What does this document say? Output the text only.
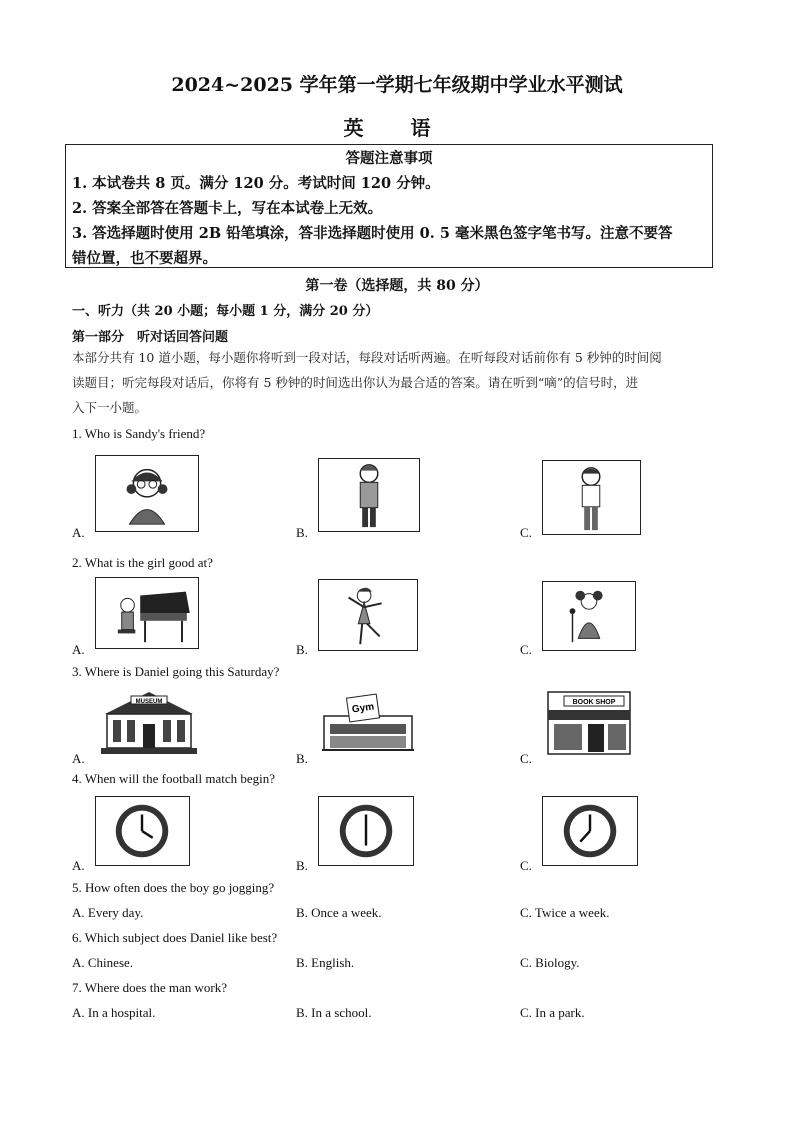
2024~2025 学年第一学期七年级期中学业水平测试
英 语
答题注意事项
1. 本试卷共 8 页。满分 120 分。考试时间 120 分钟。
2. 答案全部答在答题卡上，写在本试卷上无效。
3. 答选择题时使用 2B 铅笔填涂，答非选择题时使用 0. 5 毫米黑色签字笔书写。注意不要答
错位置，也不要超界。
第一卷（选择题，共 80 分）
一、听力（共 20 小题；每小题 1 分，满分 20 分）
第一部分　听对话回答问题
本部分共有 10 道小题，每小题你将听到一段对话，每段对话听两遍。在听每段对话前你有 5 秒钟的时间阅
读题目；听完每段对话后，你将有 5 秒钟的时间选出你认为最合适的答案。请在听到“嘀”的信号时，进
入下一小题。
1. Who is Sandy's friend?
A.	B.	C.
2. What is the girl good at?
A.	B.	C.
3. Where is Daniel going this Saturday?
MUSEUM	Gym	BOOK SHOP
A.	B.	C.
4. When will the football match begin?
A.	B.	C.
5. How often does the boy go jogging?
A. Every day.	B. Once a week.	C. Twice a week.
6. Which subject does Daniel like best?
A. Chinese.	B. English.	C. Biology.
7. Where does the man work?
A. In a hospital.	B. In a school.	C. In a park.
